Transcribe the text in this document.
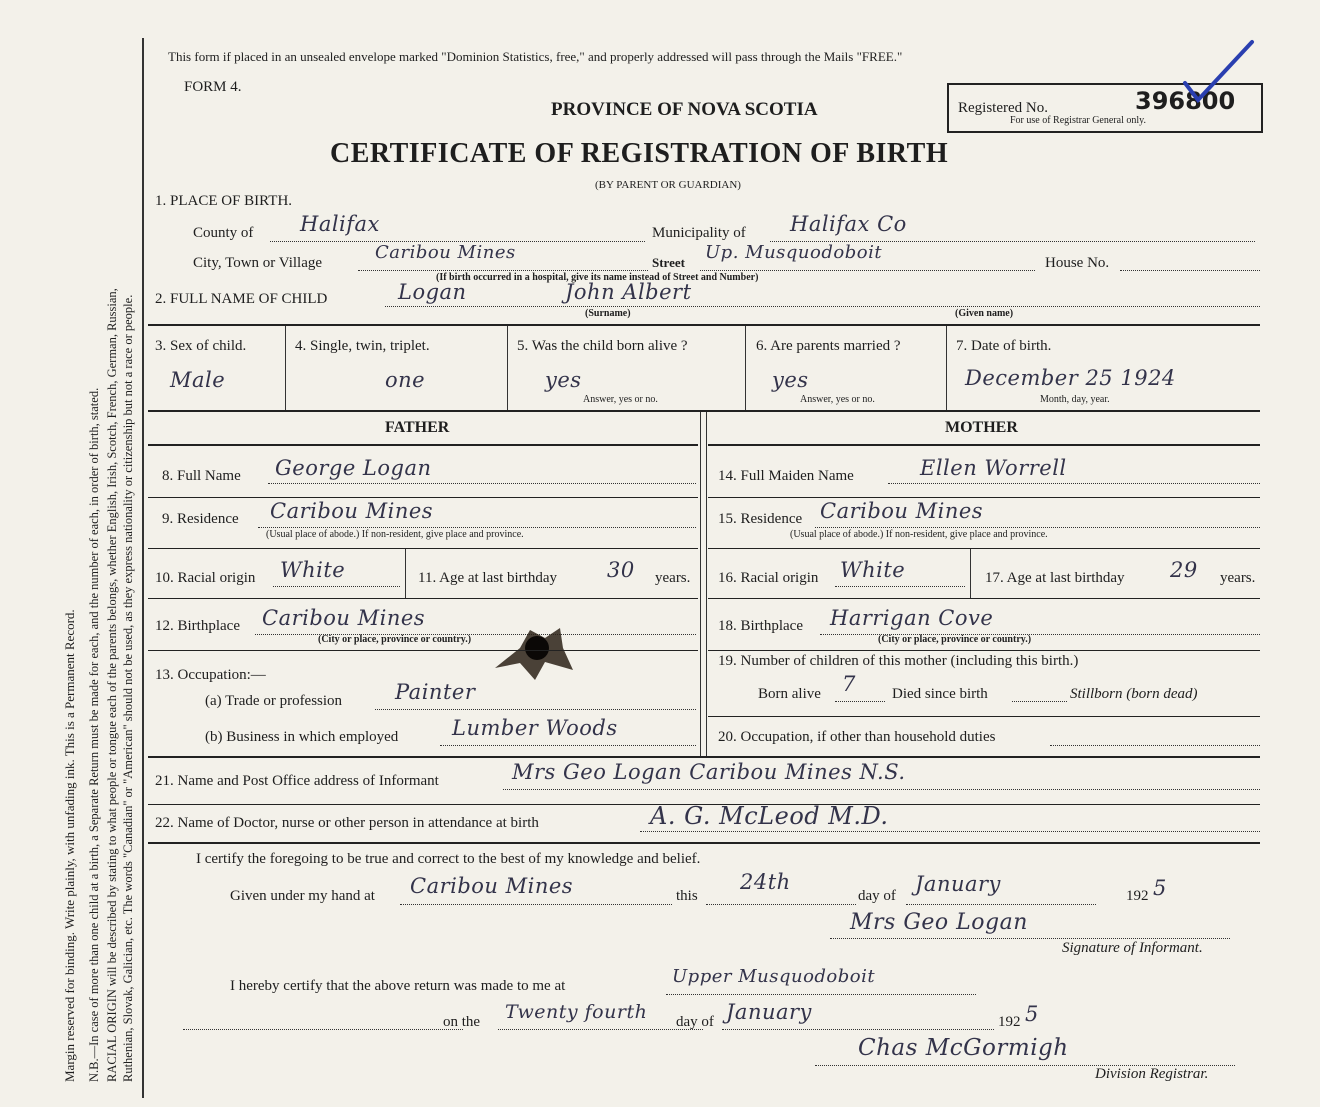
Margin reserved for binding. Write plainly, with unfading ink. This is a Permanent Record. N.B.—In case of more than one child at a birth, a Separate Return must be made for each, and the number of each, in order of birth, stated. RACIAL ORIGIN will be described by stating to what people or tongue each of the parents belongs, whether English, Irish, Scotch, French, German, Russian, Ruthenian, Slovak, Galician, etc. The words "Canadian" or "American" should not be used, as they express nationality or citizenship but not a race or people.
This form if placed in an unsealed envelope marked "Dominion Statistics, free," and properly addressed will pass through the Mails "FREE."
FORM 4.
PROVINCE OF NOVA SCOTIA	Registered No.	396800
For use of Registrar General only.
CERTIFICATE OF REGISTRATION OF BIRTH
(BY PARENT OR GUARDIAN)
1. PLACE OF BIRTH.
County of Halifax	Municipality of Halifax Co
City, Town or Village	Caribou Mines	Street Up. Musquodoboit
(If birth occurred in a hospital, give its name instead of Street and Number)
House No.
2. FULL NAME OF CHILD	Logan	John Albert
(Surname)	(Given name)
3. Sex of child.
Male
4. Single, twin, triplet.
one
5. Was the child born alive ?
yes
Answer, yes or no.
6. Are parents married ?
yes
Answer, yes or no.
7. Date of birth.
December 25 1924
Month, day, year.
FATHER
8. Full Name George Logan
9. Residence Caribou Mines
(Usual place of abode.) If non-resident, give place and province.
10. Racial origin White	11. Age at last birthday 30 years.
12. Birthplace Caribou Mines
(City or place, province or country.)
13. Occupation:—
(a) Trade or profession	Painter
(b) Business in which employed	Lumber Woods
MOTHER
14. Full Maiden Name	Ellen Worrell
15. Residence Caribou Mines
(Usual place of abode.) If non-resident, give place and province.
16. Racial origin White	17. Age at last birthday 29 years.
18. Birthplace Harrigan Cove
(City or place, province or country.)
19. Number of children of this mother (including this birth.)
Born alive 7 Died since birth	Stillborn (born dead)
20. Occupation, if other than household duties
21. Name and Post Office address of Informant	Mrs Geo Logan Caribou Mines N.S.
22. Name of Doctor, nurse or other person in attendance at birth	A. G. McLeod M.D.
I certify the foregoing to be true and correct to the best of my knowledge and belief.
Given under my hand at Caribou Mines	this
24th
day of January	192 5
Mrs Geo Logan
Signature of Informant.
I hereby certify that the above return was made to me at	Upper Musquodoboit
on the Twenty fourth day of January	192 5
Chas McGormigh
Division Registrar.
